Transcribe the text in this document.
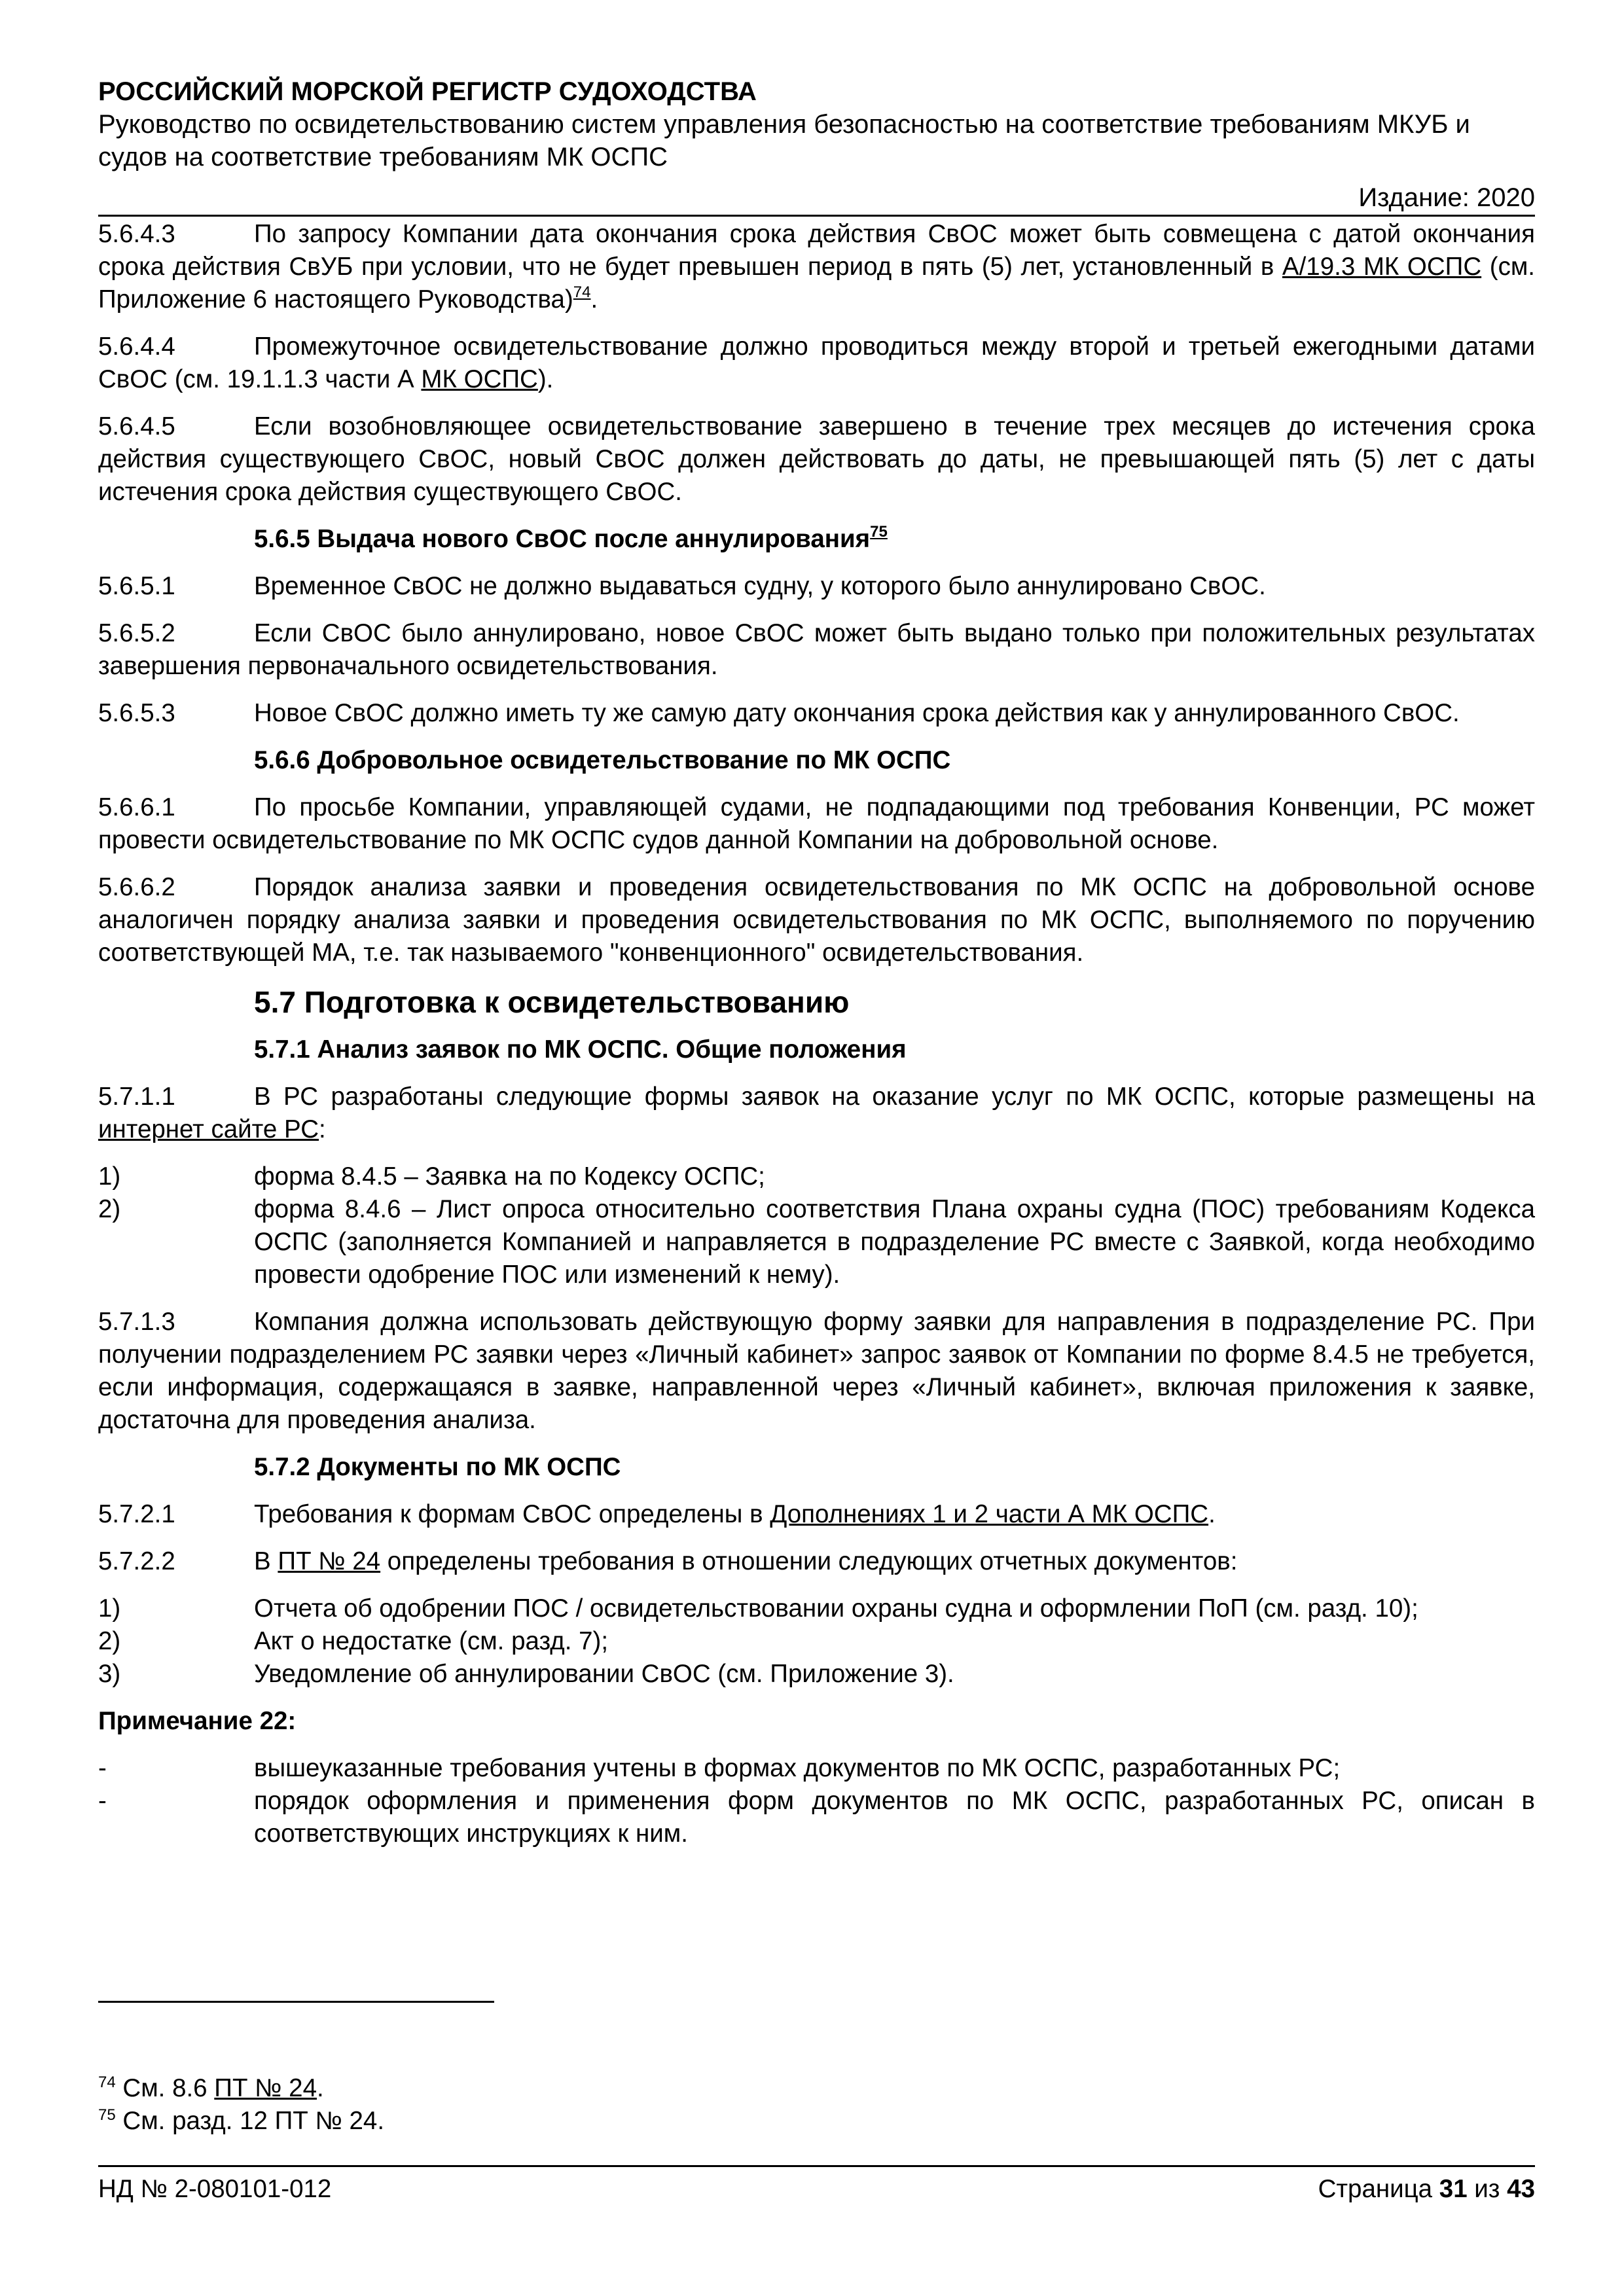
РОССИЙСКИЙ МОРСКОЙ РЕГИСТР СУДОХОДСТВА
Руководство по освидетельствованию систем управления безопасностью на соответствие требованиям МКУБ и судов на соответствие требованиям МК ОСПС
Издание: 2020
5.6.4.3	По запросу Компании дата окончания срока действия СвОС может быть совмещена с датой окончания срока действия СвУБ при условии, что не будет превышен период в пять (5) лет, установленный в А/19.3 МК ОСПС (см. Приложение 6 настоящего Руководства)$^{74}$.
5.6.4.4	Промежуточное освидетельствование должно проводиться между второй и третьей ежегодными датами СвОС (см. 19.1.1.3 части А МК ОСПС).
5.6.4.5	Если возобновляющее освидетельствование завершено в течение трех месяцев до истечения срока действия существующего СвОС, новый СвОС должен действовать до даты, не превышающей пять (5) лет с даты истечения срока действия существующего СвОС.
5.6.5 Выдача нового СвОС после аннулирования$^{75}$
5.6.5.1	Временное СвОС не должно выдаваться судну, у которого было аннулировано СвОС.
5.6.5.2	Если СвОС было аннулировано, новое СвОС может быть выдано только при положительных результатах завершения первоначального освидетельствования.
5.6.5.3	Новое СвОС должно иметь ту же самую дату окончания срока действия как у аннулированного СвОС.
5.6.6 Добровольное освидетельствование по МК ОСПС
5.6.6.1	По просьбе Компании, управляющей судами, не подпадающими под требования Конвенции, РС может провести освидетельствование по МК ОСПС судов данной Компании на добровольной основе.
5.6.6.2	Порядок анализа заявки и проведения освидетельствования по МК ОСПС на добровольной основе аналогичен порядку анализа заявки и проведения освидетельствования по МК ОСПС, выполняемого по поручению соответствующей МА, т.е. так называемого "конвенционного" освидетельствования.
5.7 Подготовка к освидетельствованию
5.7.1 Анализ заявок по МК ОСПС. Общие положения
5.7.1.1	В РС разработаны следующие формы заявок на оказание услуг по МК ОСПС, которые размещены на интернет сайте РС:
1)	форма 8.4.5 – Заявка на по Кодексу ОСПС;
2)	форма 8.4.6 – Лист опроса относительно соответствия Плана охраны судна (ПОС) требованиям Кодекса ОСПС (заполняется Компанией и направляется в подразделение РС вместе с Заявкой, когда необходимо провести одобрение ПОС или изменений к нему).
5.7.1.3	Компания должна использовать действующую форму заявки для направления в подразделение РС. При получении подразделением РС заявки через «Личный кабинет» запрос заявок от Компании по форме 8.4.5 не требуется, если информация, содержащаяся в заявке, направленной через «Личный кабинет», включая приложения к заявке, достаточна для проведения анализа.
5.7.2 Документы по МК ОСПС
5.7.2.1	Требования к формам СвОС определены в Дополнениях 1 и 2 части А МК ОСПС.
5.7.2.2	В ПТ № 24 определены требования в отношении следующих отчетных документов:
1)	Отчета об одобрении ПОС / освидетельствовании охраны судна и оформлении ПоП (см. разд. 10);
2)	Акт о недостатке (см. разд. 7);
3)	Уведомление об аннулировании СвОС (см. Приложение 3).
Примечание 22:
-	вышеуказанные требования учтены в формах документов по МК ОСПС, разработанных РС;
-	порядок оформления и применения форм документов по МК ОСПС, разработанных РС, описан в соответствующих инструкциях к ним.
$^{74}$ См. 8.6 ПТ № 24.
$^{75}$ См. разд. 12 ПТ № 24.
НД № 2-080101-012	Страница 31 из 43
